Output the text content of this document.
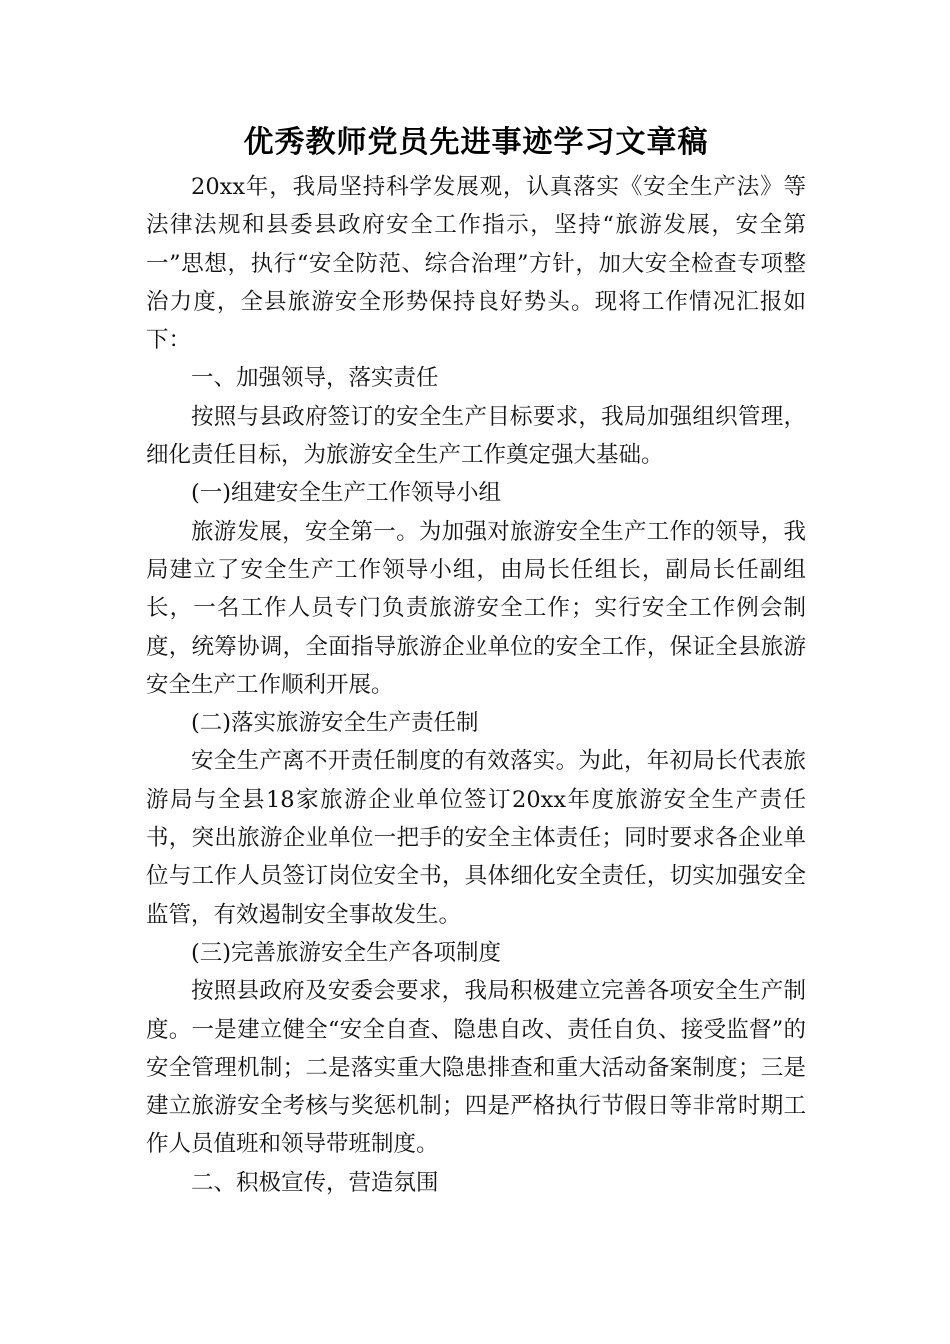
优秀教师党员先进事迹学习文章稿

20xx年，我局坚持科学发展观，认真落实《安全生产法》等法律法规和县委县政府安全工作指示，坚持“旅游发展，安全第一”思想，执行“安全防范、综合治理”方针，加大安全检查专项整治力度，全县旅游安全形势保持良好势头。现将工作情况汇报如下：

一、加强领导，落实责任

按照与县政府签订的安全生产目标要求，我局加强组织管理，细化责任目标，为旅游安全生产工作奠定强大基础。

(一)组建安全生产工作领导小组

旅游发展，安全第一。为加强对旅游安全生产工作的领导，我局建立了安全生产工作领导小组，由局长任组长，副局长任副组长，一名工作人员专门负责旅游安全工作；实行安全工作例会制度，统筹协调，全面指导旅游企业单位的安全工作，保证全县旅游安全生产工作顺利开展。

(二)落实旅游安全生产责任制

安全生产离不开责任制度的有效落实。为此，年初局长代表旅游局与全县18家旅游企业单位签订20xx年度旅游安全生产责任书，突出旅游企业单位一把手的安全主体责任；同时要求各企业单位与工作人员签订岗位安全书，具体细化安全责任，切实加强安全监管，有效遏制安全事故发生。

(三)完善旅游安全生产各项制度

按照县政府及安委会要求，我局积极建立完善各项安全生产制度。一是建立健全“安全自查、隐患自改、责任自负、接受监督”的安全管理机制；二是落实重大隐患排查和重大活动备案制度；三是建立旅游安全考核与奖惩机制；四是严格执行节假日等非常时期工作人员值班和领导带班制度。

二、积极宣传，营造氛围
